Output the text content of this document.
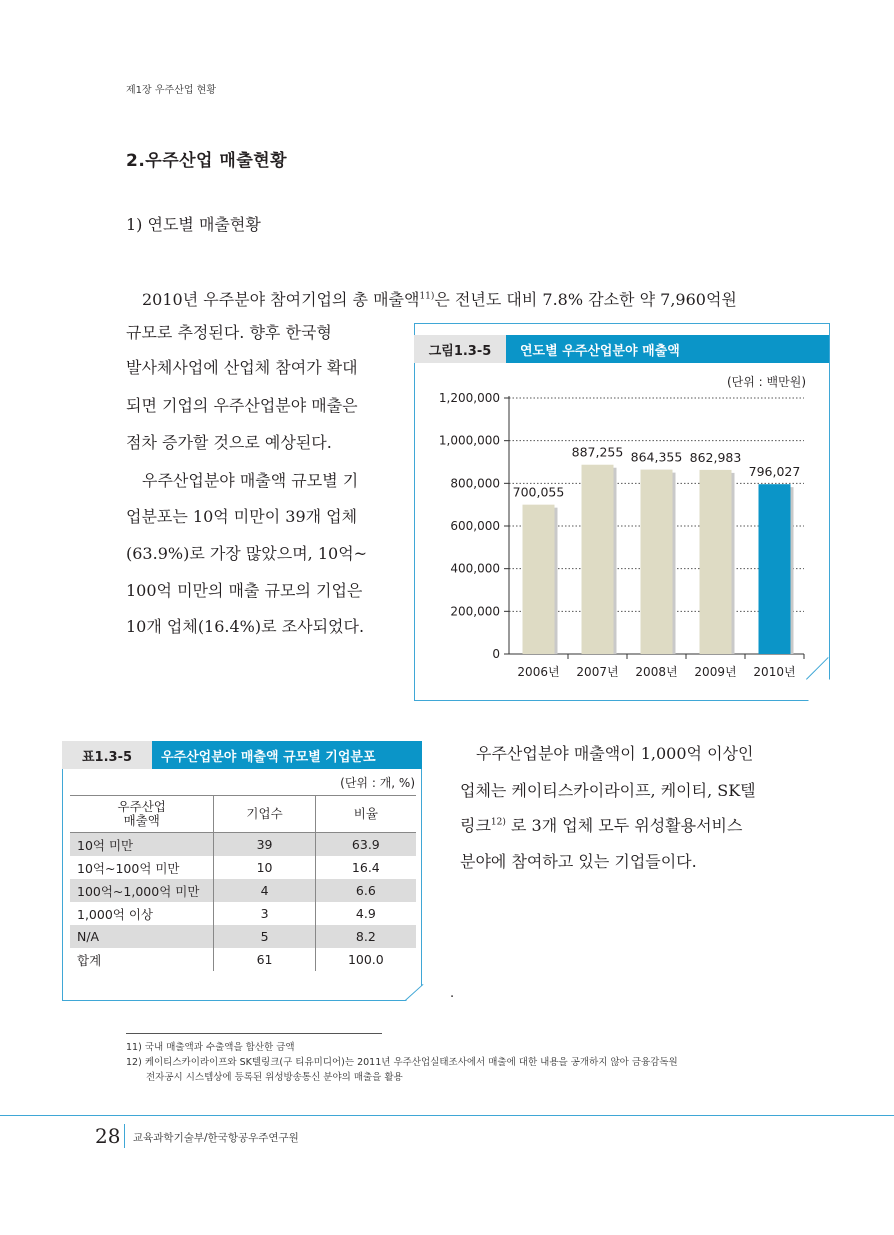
제1장 우주산업 현황
2.우주산업 매출현황
1) 연도별 매출현황
2010년 우주분야 참여기업의 총 매출액$^{11)}$은 전년도 대비 7.8% 감소한 약 7,960억원
규모로 추정된다. 향후 한국형
발사체사업에 산업체 참여가 확대
되면 기업의 우주산업분야 매출은
점차 증가할 것으로 예상된다.
우주산업분야 매출액 규모별 기
업분포는 10억 미만이 39개 업체
(63.9%)로 가장 많았으며, 10억~
100억 미만의 매출 규모의 기업은
10개 업체(16.4%)로 조사되었다.
그림1.3-5	연도별 우주산업분야 매출액
(단위 : 백만원)
0
200,000
400,000
600,000
800,000
1,000,000
1,200,000
2006년
700,055
2007년
887,255
2008년
864,355
2009년
862,983
2010년
796,027
표1.3-5	우주산업분야 매출액 규모별 기업분포
(단위 : 개, %)
우주산업
매출액	기업수	비율
10억 미만	39	63.9
10억~100억 미만	10	16.4
100억~1,000억 미만	4	6.6
1,000억 이상	3	4.9
N/A	5	8.2
합계	61	100.0
우주산업분야 매출액이 1,000억 이상인
업체는 케이티스카이라이프, 케이티, SK텔
링크$^{12)}$ 로 3개 업체 모두 위성활용서비스
분야에 참여하고 있는 기업들이다.
.
11) 국내 매출액과 수출액을 합산한 금액
12) 케이티스카이라이프와 SK텔링크(구 티유미디어)는 2011년 우주산업실태조사에서 매출에 대한 내용을 공개하지 않아 금융감독원
전자공시 시스템상에 등록된 위성방송통신 분야의 매출을 활용
28 교육과학기술부/한국항공우주연구원
